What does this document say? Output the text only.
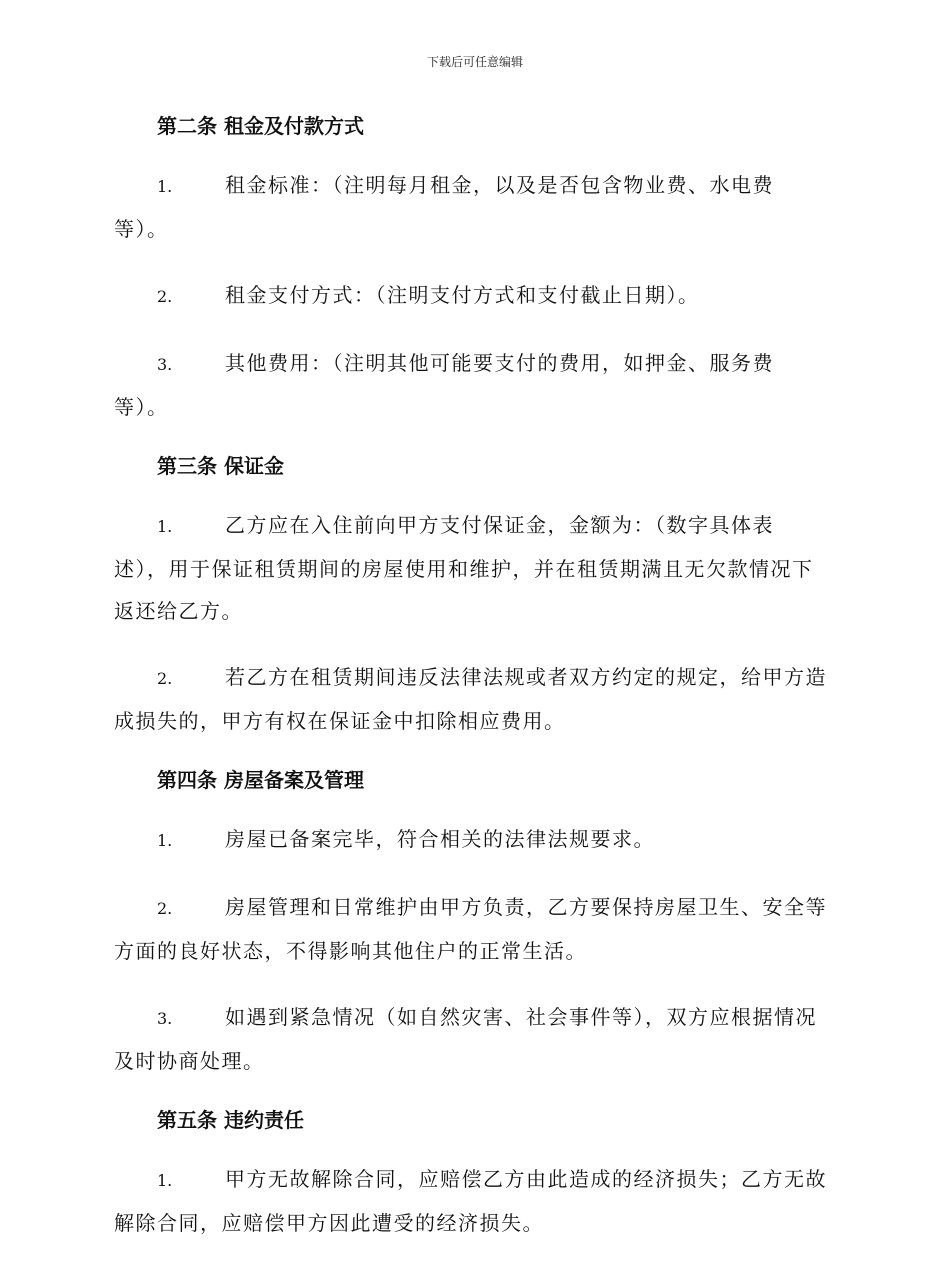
下载后可任意编辑
第二条 租金及付款方式
1.	租金标准：（注明每月租金，以及是否包含物业费、水电费
等）。
2.	租金支付方式：（注明支付方式和支付截止日期）。
3.	其他费用：（注明其他可能要支付的费用，如押金、服务费
等）。
第三条 保证金
1.	乙方应在入住前向甲方支付保证金，金额为：（数字具体表
述），用于保证租赁期间的房屋使用和维护，并在租赁期满且无欠款情况下
返还给乙方。
2.	若乙方在租赁期间违反法律法规或者双方约定的规定，给甲方造
成损失的，甲方有权在保证金中扣除相应费用。
第四条 房屋备案及管理
1.	房屋已备案完毕，符合相关的法律法规要求。
2.	房屋管理和日常维护由甲方负责，乙方要保持房屋卫生、安全等
方面的良好状态，不得影响其他住户的正常生活。
3.	如遇到紧急情况（如自然灾害、社会事件等），双方应根据情况
及时协商处理。
第五条 违约责任
1.	甲方无故解除合同，应赔偿乙方由此造成的经济损失；乙方无故
解除合同，应赔偿甲方因此遭受的经济损失。
